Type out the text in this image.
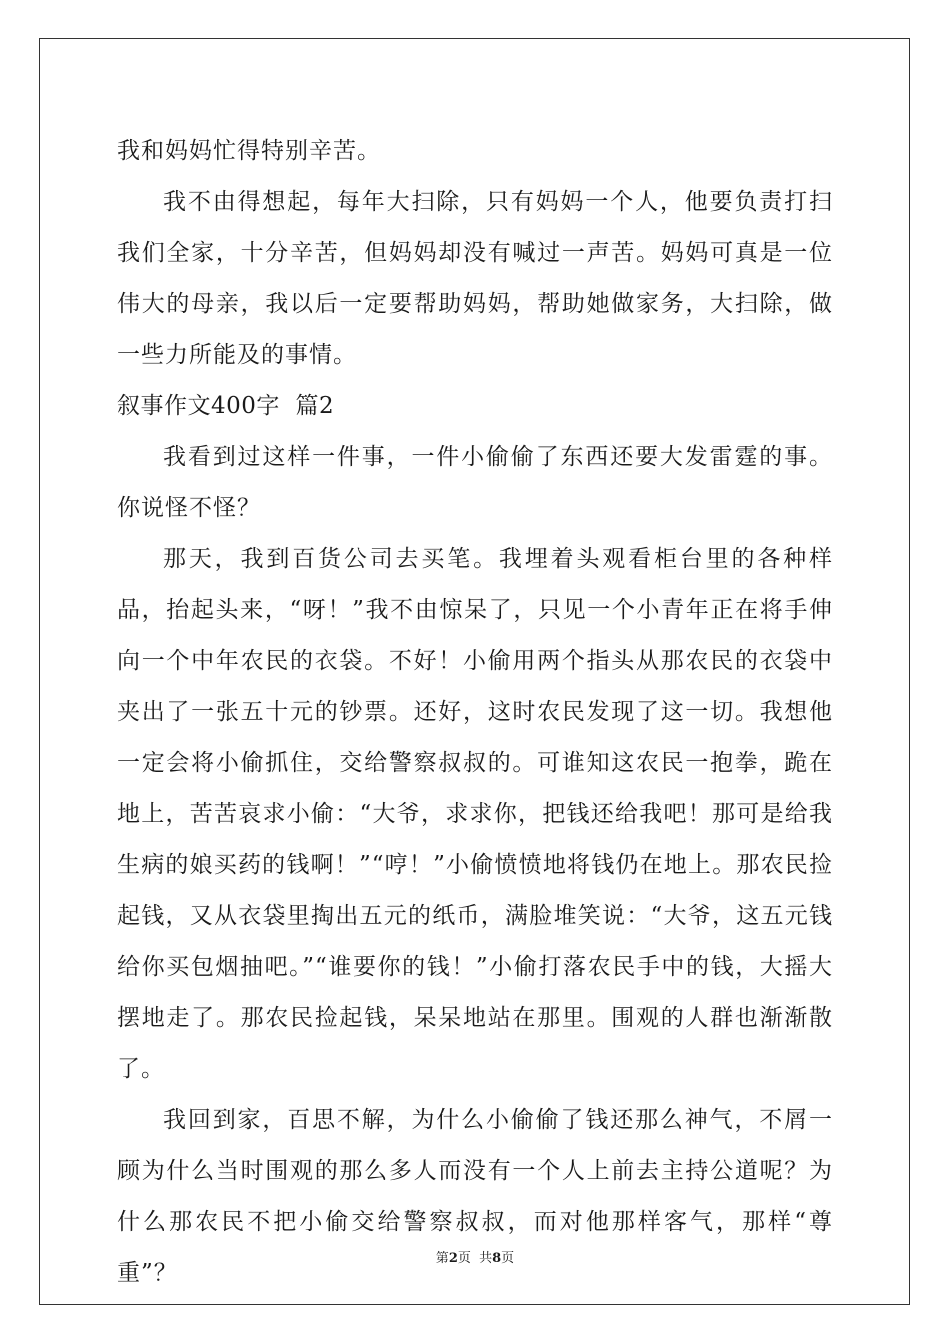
我和妈妈忙得特别辛苦。

我不由得想起，每年大扫除，只有妈妈一个人，他要负责打扫我们全家，十分辛苦，但妈妈却没有喊过一声苦。妈妈可真是一位伟大的母亲，我以后一定要帮助妈妈，帮助她做家务，大扫除，做一些力所能及的事情。

叙事作文400字  篇2

我看到过这样一件事，一件小偷偷了东西还要大发雷霆的事。你说怪不怪？

那天，我到百货公司去买笔。我埋着头观看柜台里的各种样品，抬起头来，“呀！”我不由惊呆了，只见一个小青年正在将手伸向一个中年农民的衣袋。不好！小偷用两个指头从那农民的衣袋中夹出了一张五十元的钞票。还好，这时农民发现了这一切。我想他一定会将小偷抓住，交给警察叔叔的。可谁知这农民一抱拳，跪在地上，苦苦哀求小偷：“大爷，求求你，把钱还给我吧！那可是给我生病的娘买药的钱啊！”“哼！”小偷愤愤地将钱仍在地上。那农民捡起钱，又从衣袋里掏出五元的纸币，满脸堆笑说：“大爷，这五元钱给你买包烟抽吧。”“谁要你的钱！”小偷打落农民手中的钱，大摇大摆地走了。那农民捡起钱，呆呆地站在那里。围观的人群也渐渐散了。

我回到家，百思不解，为什么小偷偷了钱还那么神气，不屑一顾为什么当时围观的那么多人而没有一个人上前去主持公道呢？为什么那农民不把小偷交给警察叔叔，而对他那样客气，那样“尊重”？

第2页  共8页
